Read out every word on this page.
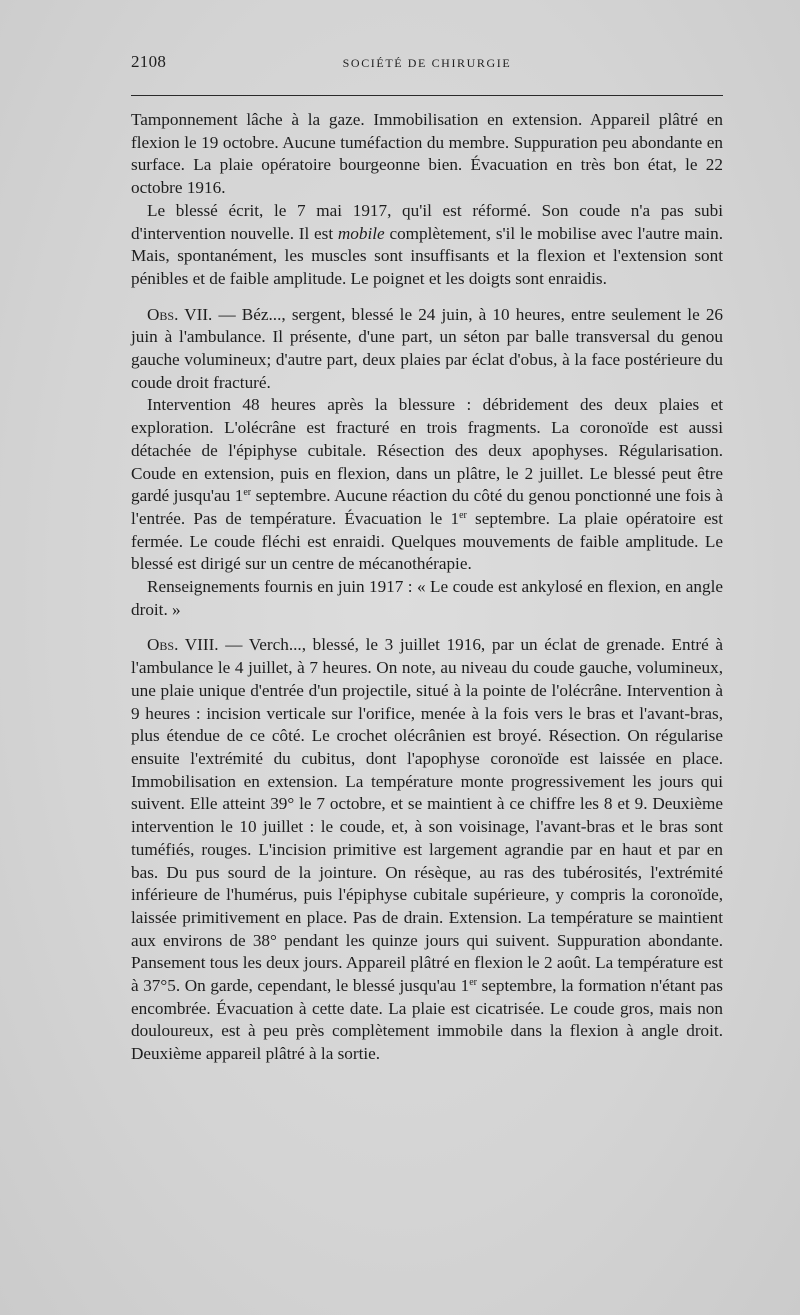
2108	SOCIÉTÉ DE CHIRURGIE

Tamponnement lâche à la gaze. Immobilisation en extension. Appareil plâtré en flexion le 19 octobre. Aucune tuméfaction du membre. Suppuration peu abondante en surface. La plaie opératoire bourgeonne bien. Évacuation en très bon état, le 22 octobre 1916.

Le blessé écrit, le 7 mai 1917, qu'il est réformé. Son coude n'a pas subi d'intervention nouvelle. Il est mobile complètement, s'il le mobilise avec l'autre main. Mais, spontanément, les muscles sont insuffisants et la flexion et l'extension sont pénibles et de faible amplitude. Le poignet et les doigts sont enraidis.

Obs. VII. — Béz..., sergent, blessé le 24 juin, à 10 heures, entre seulement le 26 juin à l'ambulance. Il présente, d'une part, un séton par balle transversal du genou gauche volumineux; d'autre part, deux plaies par éclat d'obus, à la face postérieure du coude droit fracturé.

Intervention 48 heures après la blessure : débridement des deux plaies et exploration. L'olécrâne est fracturé en trois fragments. La coronoïde est aussi détachée de l'épiphyse cubitale. Résection des deux apophyses. Régularisation. Coude en extension, puis en flexion, dans un plâtre, le 2 juillet. Le blessé peut être gardé jusqu'au 1er septembre. Aucune réaction du côté du genou ponctionné une fois à l'entrée. Pas de température. Évacuation le 1er septembre. La plaie opératoire est fermée. Le coude fléchi est enraidi. Quelques mouvements de faible amplitude. Le blessé est dirigé sur un centre de mécanothérapie.

Renseignements fournis en juin 1917 : « Le coude est ankylosé en flexion, en angle droit. »

Obs. VIII. — Verch..., blessé, le 3 juillet 1916, par un éclat de grenade. Entré à l'ambulance le 4 juillet, à 7 heures. On note, au niveau du coude gauche, volumineux, une plaie unique d'entrée d'un projectile, situé à la pointe de l'olécrâne. Intervention à 9 heures : incision verticale sur l'orifice, menée à la fois vers le bras et l'avant-bras, plus étendue de ce côté. Le crochet olécrânien est broyé. Résection. On régularise ensuite l'extrémité du cubitus, dont l'apophyse coronoïde est laissée en place. Immobilisation en extension. La température monte progressivement les jours qui suivent. Elle atteint 39° le 7 octobre, et se maintient à ce chiffre les 8 et 9. Deuxième intervention le 10 juillet : le coude, et, à son voisinage, l'avant-bras et le bras sont tuméfiés, rouges. L'incision primitive est largement agrandie par en haut et par en bas. Du pus sourd de la jointure. On résèque, au ras des tubérosités, l'extrémité inférieure de l'humérus, puis l'épiphyse cubitale supérieure, y compris la coronoïde, laissée primitivement en place. Pas de drain. Extension. La température se maintient aux environs de 38° pendant les quinze jours qui suivent. Suppuration abondante. Pansement tous les deux jours. Appareil plâtré en flexion le 2 août. La température est à 37°5. On garde, cependant, le blessé jusqu'au 1er septembre, la formation n'étant pas encombrée. Évacuation à cette date. La plaie est cicatrisée. Le coude gros, mais non douloureux, est à peu près complètement immobile dans la flexion à angle droit. Deuxième appareil plâtré à la sortie.
